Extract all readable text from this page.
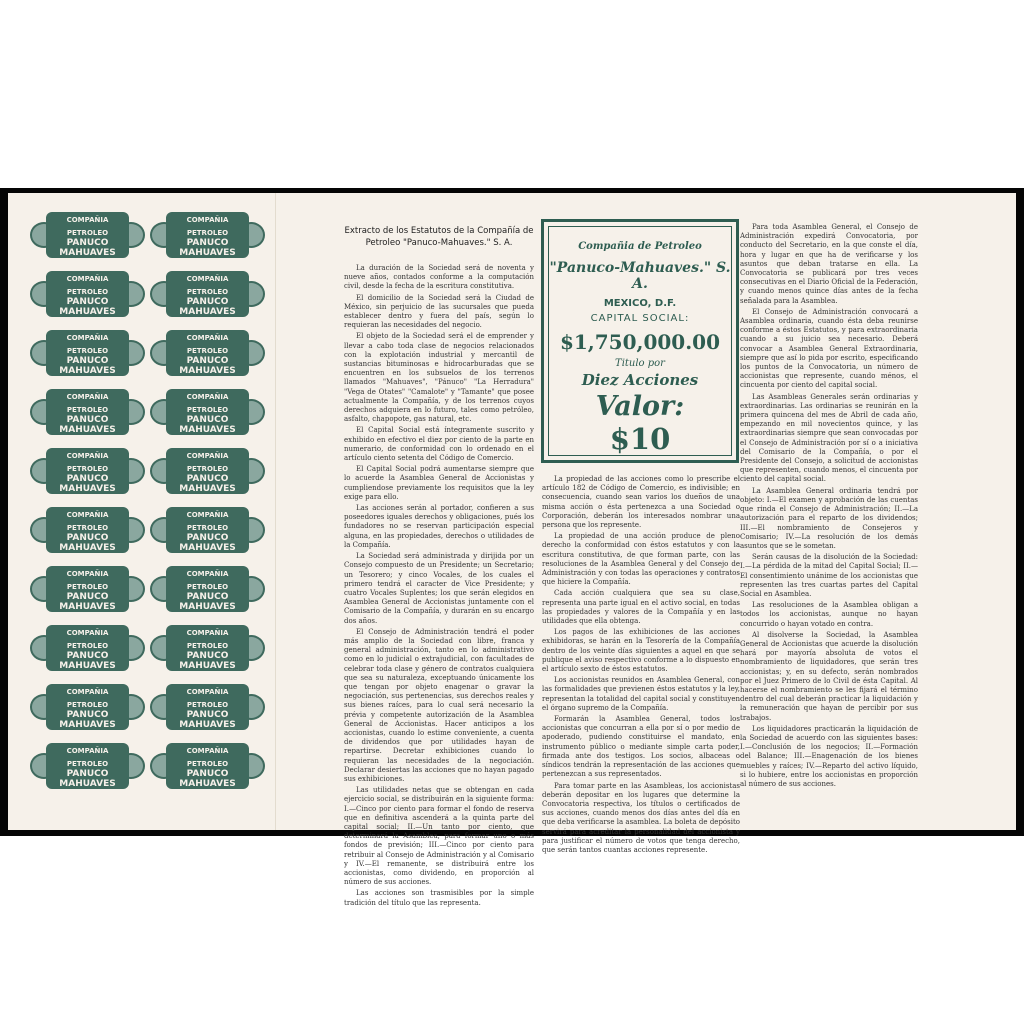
COMPAÑIA
PETROLEO
PANUCO
MAHUAVES
S.A.
COMPAÑIA
PETROLEO
PANUCO
MAHUAVES
S.A.
COMPAÑIA
PETROLEO
PANUCO
MAHUAVES
S.A.
COMPAÑIA
PETROLEO
PANUCO
MAHUAVES
S.A.
COMPAÑIA
PETROLEO
PANUCO
MAHUAVES
S.A.
COMPAÑIA
PETROLEO
PANUCO
MAHUAVES
S.A.
COMPAÑIA
PETROLEO
PANUCO
MAHUAVES
S.A.
COMPAÑIA
PETROLEO
PANUCO
MAHUAVES
S.A.
COMPAÑIA
PETROLEO
PANUCO
MAHUAVES
S.A.
COMPAÑIA
PETROLEO
PANUCO
MAHUAVES
S.A.
COMPAÑIA
PETROLEO
PANUCO
MAHUAVES
S.A.
COMPAÑIA
PETROLEO
PANUCO
MAHUAVES
S.A.
COMPAÑIA
PETROLEO
PANUCO
MAHUAVES
S.A.
COMPAÑIA
PETROLEO
PANUCO
MAHUAVES
S.A.
COMPAÑIA
PETROLEO
PANUCO
MAHUAVES
S.A.
COMPAÑIA
PETROLEO
PANUCO
MAHUAVES
S.A.
COMPAÑIA
PETROLEO
PANUCO
MAHUAVES
S.A.
COMPAÑIA
PETROLEO
PANUCO
MAHUAVES
S.A.
COMPAÑIA
PETROLEO
PANUCO
MAHUAVES
S.A.
COMPAÑIA
PETROLEO
PANUCO
MAHUAVES
S.A.
Extracto de los Estatutos de la Compañía de Petroleo "Panuco-Mahuaves." S. A.	Compañia de Petroleo
"Panuco-Mahuaves." S. A.
MEXICO, D.F.
CAPITAL SOCIAL:
$1,750,000.00
Titulo por
Diez Acciones
Valor:
$10

La duración de la Sociedad será de noventa y nueve años, contados conforme a la computación civil, desde la fecha de la escritura constitutiva.

El domicilio de la Sociedad será la Ciudad de México, sin perjuicio de las sucursales que pueda establecer dentro y fuera del país, según lo requieran las necesidades del negocio.

El objeto de la Sociedad será el de emprender y llevar a cabo toda clase de negocios relacionados con la explotación industrial y mercantil de sustancias bituminosas e hidrocarburadas que se encuentren en los subsuelos de los terrenos llamados "Mahuaves", "Pánuco" "La Herradura" "Vega de Otates" "Camalote" y "Tamante" que posee actualmente la Compañía, y de los terrenos cuyos derechos adquiera en lo futuro, tales como petróleo, asfalto, chapopote, gas natural, etc.

El Capital Social está íntegramente suscrito y exhibido en efectivo el diez por ciento de la parte en numerario, de conformidad con lo ordenado en el artículo ciento setenta del Código de Comercio.

El Capital Social podrá aumentarse siempre que lo acuerde la Asamblea General de Accionistas y cumpliendose previamente los requisitos que la ley exige para ello.

Las acciones serán al portador, confieren a sus poseedores iguales derechos y obligaciones, pués los fundadores no se reservan participación especial alguna, en las propiedades, derechos o utilidades de la Compañía.

La Sociedad será administrada y dirijida por un Consejo compuesto de un Presidente; un Secretario; un Tesorero; y cinco Vocales, de los cuales el primero tendrá el caracter de Vice Presidente; y cuatro Vocales Suplentes; los que serán elegidos en Asamblea General de Accionistas juntamente con el Comisario de la Compañía, y durarán en su encargo dos años.

El Consejo de Administración tendrá el poder más amplio de la Sociedad con libre, franca y general administración, tanto en lo administrativo como en lo judicial o extrajudicial, con facultades de celebrar toda clase y género de contratos cualquiera que sea su naturaleza, exceptuando únicamente los que tengan por objeto enagenar o gravar la negociación, sus pertenencias, sus derechos reales y sus bienes raíces, para lo cual será necesario la prévia y competente autorización de la Asamblea General de Accionistas. Hacer anticipos a los accionistas, cuando lo estime conveniente, a cuenta de dividendos que por utilidades hayan de repartirse. Decretar exhibiciones cuando lo requieran las necesidades de la negociación. Declarar desiertas las acciones que no hayan pagado sus exhibiciones.

Las utilidades netas que se obtengan en cada ejercicio social, se distribuirán en la siguiente forma: I.—Cinco por ciento para formar el fondo de reserva que en definitiva ascenderá a la quinta parte del capital social; II.—Un tanto por ciento, que determinará la Asamblea, para formar uno o más fondos de previsión; III.—Cinco por ciento para retribuir al Consejo de Administración y al Comisario y IV.—El remanente, se distribuirá entre los accionistas, como dividendo, en proporción al número de sus acciones.

Las acciones son trasmisibles por la simple tradición del título que las representa.

La propiedad de las acciones como lo prescribe el artículo 182 de Código de Comercio, es indivisible; en consecuencia, cuando sean varios los dueños de una misma acción o ésta pertenezca a una Sociedad o Corporación, deberán los interesados nombrar una persona que los represente.

La propiedad de una acción produce de pleno derecho la conformidad con éstos estatutos y con la escritura constitutiva, de que forman parte, con las resoluciones de la Asamblea General y del Consejo de Administración y con todas las operaciones y contratos que hiciere la Compañía.

Cada acción cualquiera que sea su clase, representa una parte igual en el activo social, en todas las propiedades y valores de la Compañía y en las utilidades que ella obtenga.

Los pagos de las exhibiciones de las acciones exhibidoras, se harán en la Tesorería de la Compañía dentro de los veinte días siguientes a aquel en que se publique el aviso respectivo conforme a lo dispuesto en el artículo sexto de éstos estatutos.

Los accionistas reunidos en Asamblea General, con las formalidades que previenen éstos estatutos y la ley, representan la totalidad del capital social y constituyen el órgano supremo de la Compañía.

Formarán la Asamblea General, todos los accionistas que concurran a ella por sí o por medio de apoderado, pudiendo constituirse el mandato, en instrumento público o mediante simple carta poder, firmada ante dos testigos. Los socios, albaceas o síndicos tendrán la representación de las acciones que pertenezcan a sus representados.

Para tomar parte en las Asambleas, los accionistas deberán depositar en los lugares que determine la Convocatoria respectiva, los títulos o certificados de sus acciones, cuando menos dos días antes del día en que deba verificarse la asamblea. La boleta de depósito servirá para acreditar la personalidad del accionista y para justificar el número de votos que tenga derecho, que serán tantos cuantas acciones represente.

Para toda Asamblea General, el Consejo de Administración expedirá Convocatoria, por conducto del Secretario, en la que conste el día, hora y lugar en que ha de verificarse y los asuntos que deban tratarse en ella. La Convocatoria se publicará por tres veces consecutivas en el Diario Oficial de la Federación, y cuando menos quince días antes de la fecha señalada para la Asamblea.

El Consejo de Administración convocará a Asamblea ordinaria, cuando ésta deba reunirse conforme a éstos Estatutos, y para extraordinaria cuando a su juicio sea necesario. Deberá convocar a Asamblea General Extraordinaria, siempre que así lo pida por escrito, especificando los puntos de la Convocatoria, un número de accionistas que represente, cuando ménos, el cincuenta por ciento del capital social.

Las Asambleas Generales serán ordinarias y extraordinarias. Las ordinarias se reunirán en la primera quincena del mes de Abril de cada año, empezando en mil novecientos quince, y las extraordinarias siempre que sean convocadas por el Consejo de Administración por sí o a iniciativa del Comisario de la Compañía, o por el Presidente del Consejo, a solicitud de accionistas que representen, cuando menos, el cincuenta por ciento del capital social.

La Asamblea General ordinaria tendrá por objeto: I.—El examen y aprobación de las cuentas que rinda el Consejo de Administración; II.—La autorización para el reparto de los dividendos; III.—El nombramiento de Consejeros y Comisario; IV.—La resolución de los demás asuntos que se le sometan.

Serán causas de la disolución de la Sociedad: I.—La pérdida de la mitad del Capital Social; II.—El consentimiento unánime de los accionistas que representen las tres cuartas partes del Capital Social en Asamblea.

Las resoluciones de la Asamblea obligan a todos los accionistas, aunque no hayan concurrido o hayan votado en contra.

Al disolverse la Sociedad, la Asamblea General de Accionistas que acuerde la disolución hará por mayoría absoluta de votos el nombramiento de liquidadores, que serán tres accionistas; y, en su defecto, serán nombrados por el Juez Primero de lo Civil de ésta Capital. Al hacerse el nombramiento se les fijará el término dentro del cual deberán practicar la liquidación y la remuneración que hayan de percibir por sus trabajos.

Los liquidadores practicarán la liquidación de la Sociedad de acuerdo con las siguientes bases: I.—Conclusión de los negocios; II.—Formación del Balance; III.—Enagenación de los bienes muebles y raíces; IV.—Reparto del activo líquido, si lo hubiere, entre los accionistas en proporción al número de sus acciones.
